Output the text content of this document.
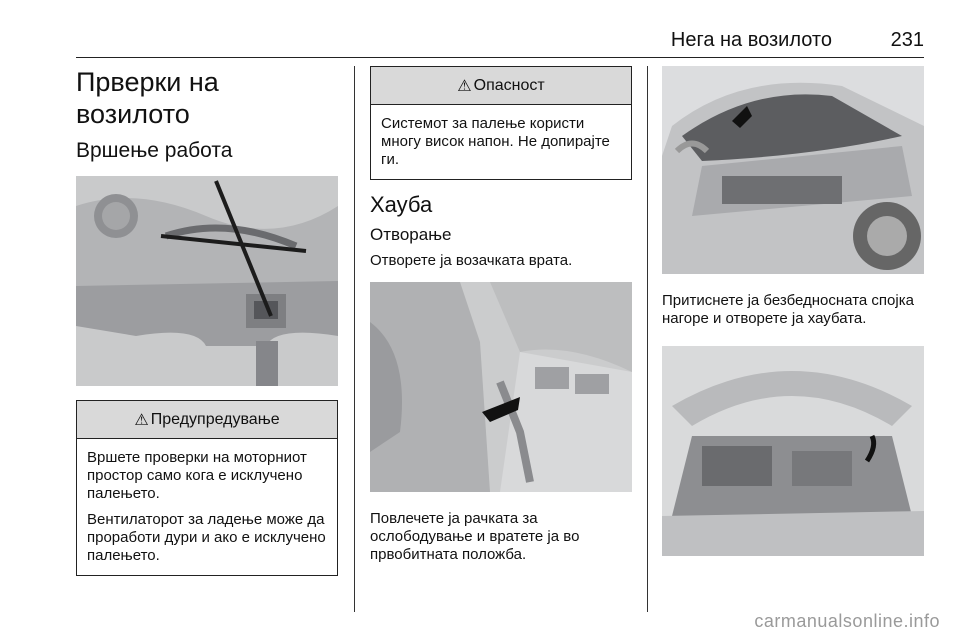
Нега на возилото	231
Прверки на возилото
Вршење работа
⚠ Предупредување
Вршете проверки на моторниот простор само кога е исклучено палењето.
Вентилаторот за ладење може да проработи дури и ако е исклучено палењето.
⚠ Опасност
Системот за палење користи многу висок напон. Не допирајте ги.
Хауба
Отворање
Отворете ја возачката врата.
Повлечете ја рачката за ослободување и вратете ја во првобитната положба.
Притиснете ја безбедносната спојка нагоре и отворете ја хаубата.
carmanualsonline.info
